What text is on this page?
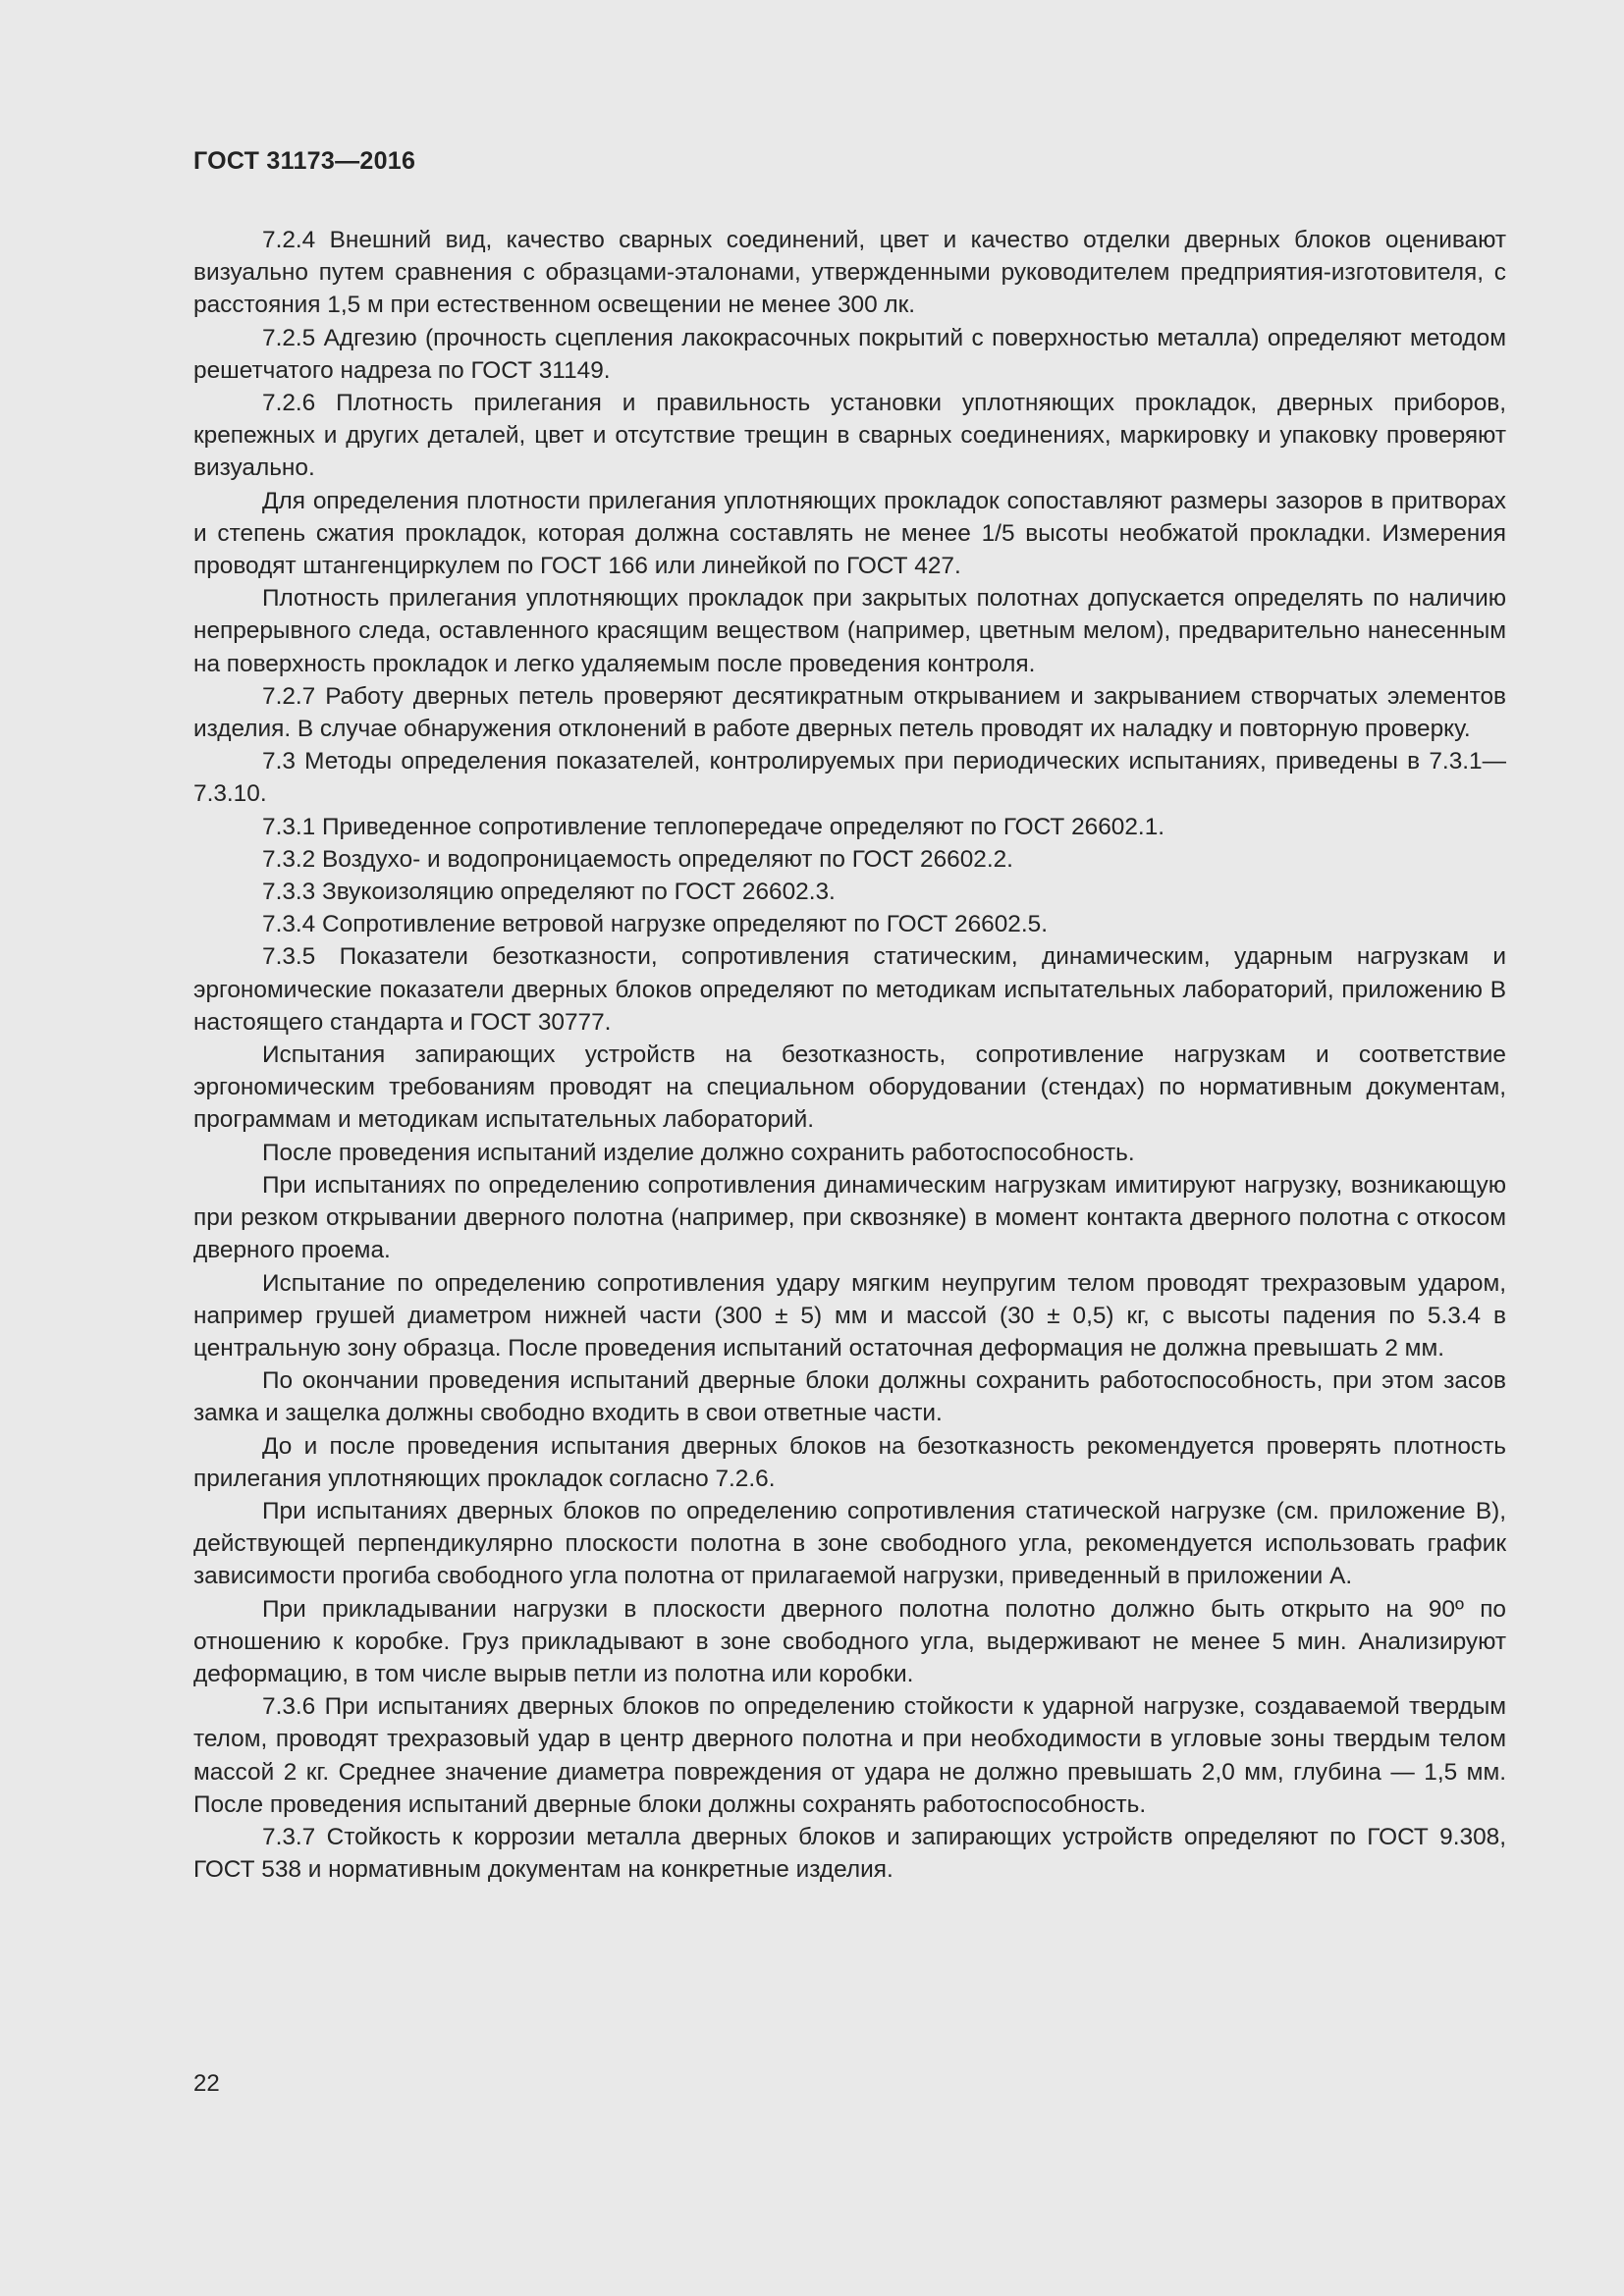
ГОСТ 31173—2016

7.2.4 Внешний вид, качество сварных соединений, цвет и качество отделки дверных блоков оценивают визуально путем сравнения с образцами-эталонами, утвержденными руководителем предприятия-изготовителя, с расстояния 1,5 м при естественном освещении не менее 300 лк.

7.2.5 Адгезию (прочность сцепления лакокрасочных покрытий с поверхностью металла) определяют методом решетчатого надреза по ГОСТ 31149.

7.2.6 Плотность прилегания и правильность установки уплотняющих прокладок, дверных приборов, крепежных и других деталей, цвет и отсутствие трещин в сварных соединениях, маркировку и упаковку проверяют визуально.

Для определения плотности прилегания уплотняющих прокладок сопоставляют размеры зазоров в притворах и степень сжатия прокладок, которая должна составлять не менее 1/5 высоты необжатой прокладки. Измерения проводят штангенциркулем по ГОСТ 166 или линейкой по ГОСТ 427.

Плотность прилегания уплотняющих прокладок при закрытых полотнах допускается определять по наличию непрерывного следа, оставленного красящим веществом (например, цветным мелом), предварительно нанесенным на поверхность прокладок и легко удаляемым после проведения контроля.

7.2.7 Работу дверных петель проверяют десятикратным открыванием и закрыванием створчатых элементов изделия. В случае обнаружения отклонений в работе дверных петель проводят их наладку и повторную проверку.

7.3 Методы определения показателей, контролируемых при периодических испытаниях, приведены в 7.3.1—7.3.10.

7.3.1 Приведенное сопротивление теплопередаче определяют по ГОСТ 26602.1.

7.3.2 Воздухо- и водопроницаемость определяют по ГОСТ 26602.2.

7.3.3 Звукоизоляцию определяют по ГОСТ 26602.3.

7.3.4 Сопротивление ветровой нагрузке определяют по ГОСТ 26602.5.

7.3.5 Показатели безотказности, сопротивления статическим, динамическим, ударным нагрузкам и эргономические показатели дверных блоков определяют по методикам испытательных лабораторий, приложению В настоящего стандарта и ГОСТ 30777.

Испытания запирающих устройств на безотказность, сопротивление нагрузкам и соответствие эргономическим требованиям проводят на специальном оборудовании (стендах) по нормативным документам, программам и методикам испытательных лабораторий.

После проведения испытаний изделие должно сохранить работоспособность.

При испытаниях по определению сопротивления динамическим нагрузкам имитируют нагрузку, возникающую при резком открывании дверного полотна (например, при сквозняке) в момент контакта дверного полотна с откосом дверного проема.

Испытание по определению сопротивления удару мягким неупругим телом проводят трехразовым ударом, например грушей диаметром нижней части (300 ± 5) мм и массой (30 ± 0,5) кг, с высоты падения по 5.3.4 в центральную зону образца. После проведения испытаний остаточная деформация не должна превышать 2 мм.

По окончании проведения испытаний дверные блоки должны сохранить работоспособность, при этом засов замка и защелка должны свободно входить в свои ответные части.

До и после проведения испытания дверных блоков на безотказность рекомендуется проверять плотность прилегания уплотняющих прокладок согласно 7.2.6.

При испытаниях дверных блоков по определению сопротивления статической нагрузке (см. приложение В), действующей перпендикулярно плоскости полотна в зоне свободного угла, рекомендуется использовать график зависимости прогиба свободного угла полотна от прилагаемой нагрузки, приведенный в приложении А.

При прикладывании нагрузки в плоскости дверного полотна полотно должно быть открыто на 90º по отношению к коробке. Груз прикладывают в зоне свободного угла, выдерживают не менее 5 мин. Анализируют деформацию, в том числе вырыв петли из полотна или коробки.

7.3.6 При испытаниях дверных блоков по определению стойкости к ударной нагрузке, создаваемой твердым телом, проводят трехразовый удар в центр дверного полотна и при необходимости в угловые зоны твердым телом массой 2 кг. Среднее значение диаметра повреждения от удара не должно превышать 2,0 мм, глубина — 1,5 мм. После проведения испытаний дверные блоки должны сохранять работоспособность.

7.3.7 Стойкость к коррозии металла дверных блоков и запирающих устройств определяют по ГОСТ 9.308, ГОСТ 538 и нормативным документам на конкретные изделия.

22
